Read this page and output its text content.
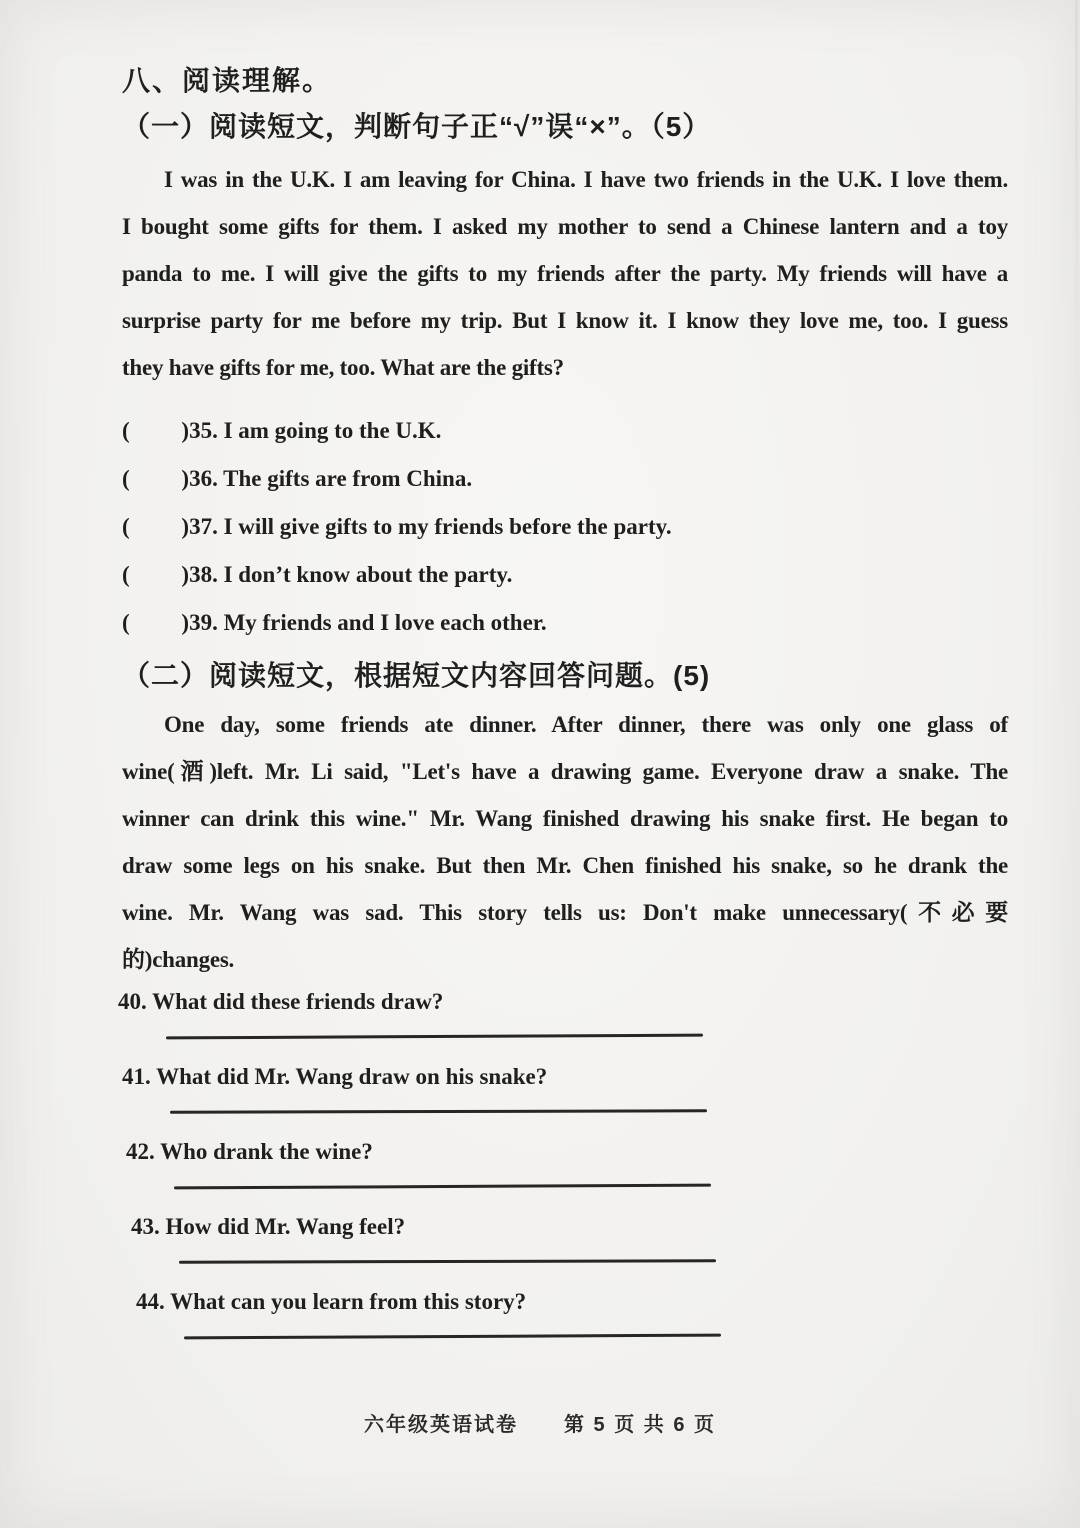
八、阅读理解。
（一）阅读短文，判断句子正“√”误“×”。（5）
I was in the U.K. I am leaving for China. I have two friends in the U.K. I love them.
I bought some gifts for them. I asked my mother to send a Chinese lantern and a toy
panda to me. I will give the gifts to my friends after the party. My friends will have a
surprise party for me before my trip. But I know it. I know they love me, too. I guess
they have gifts for me, too. What are the gifts?
(         )35. I am going to the U.K.
(         )36. The gifts are from China.
(         )37. I will give gifts to my friends before the party.
(         )38. I don’t know about the party.
(         )39. My friends and I love each other.
（二）阅读短文，根据短文内容回答问题。(5)
One day, some friends ate dinner. After dinner, there was only one glass of
wine(酒)left. Mr. Li said, "Let's have a drawing game. Everyone draw a snake. The
winner can drink this wine." Mr. Wang finished drawing his snake first. He began to
draw some legs on his snake. But then Mr. Chen finished his snake, so he drank the
wine. Mr. Wang was sad. This story tells us: Don't make unnecessary(不必要
的)changes.
40. What did these friends draw?
41. What did Mr. Wang draw on his snake?
42. Who drank the wine?
43. How did Mr. Wang feel?
44. What can you learn from this story?
六年级英语试卷 第 5 页 共 6 页
